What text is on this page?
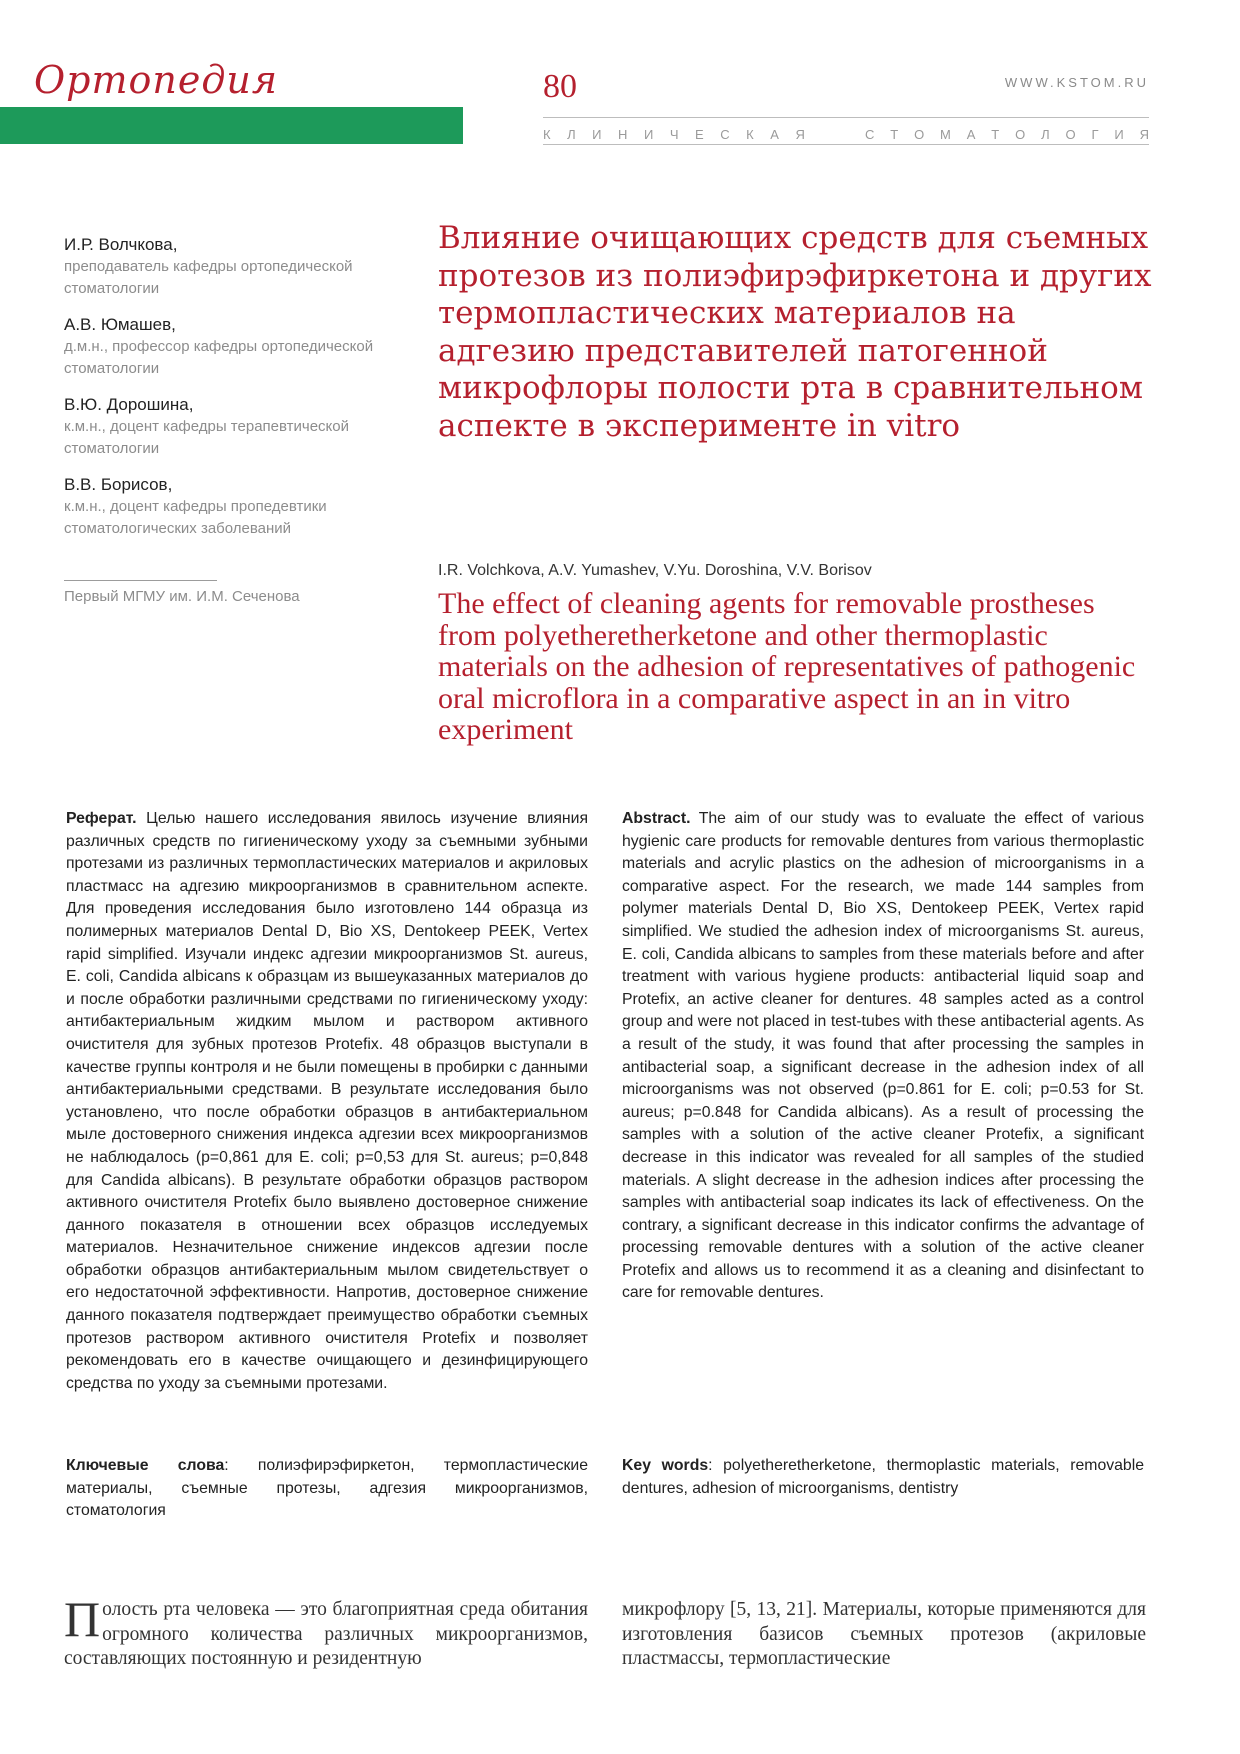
Ортопедия	80	WWW.KSTOM.RU
К Л И Н И Ч Е С К А Я	С Т О М А Т О Л О Г И Я
И.Р. Волчкова,
преподаватель кафедры ортопедической стоматологии
А.В. Юмашев,
д.м.н., профессор кафедры ортопедической стоматологии
В.Ю. Дорошина,
к.м.н., доцент кафедры терапевтической стоматологии
В.В. Борисов,
к.м.н., доцент кафедры пропедевтики стоматологических заболеваний
Первый МГМУ им. И.М. Сеченова
Влияние очищающих средств для съемных протезов из полиэфирэфиркетона и других термопластических материалов на адгезию представителей патогенной микрофлоры полости рта в сравнительном аспекте в эксперименте in vitro
I.R. Volchkova, A.V. Yumashev, V.Yu. Doroshina, V.V. Borisov
The effect of cleaning agents for removable prostheses from polyetheretherketone and other thermoplastic materials on the adhesion of representatives of pathogenic oral microflora in a comparative aspect in an in vitro experiment
Реферат. Целью нашего исследования явилось изучение влияния различных средств по гигиеническому уходу за съемными зубными протезами из различных термопластических материалов и акриловых пластмасс на адгезию микроорганизмов в сравнительном аспекте. Для проведения исследования было изготовлено 144 образца из полимерных материалов Dental D, Bio XS, Dentokeep PEEK, Vertex rapid simplified. Изучали индекс адгезии микроорганизмов St. aureus, E. coli, Candida albicans к образцам из вышеуказанных материалов до и после обработки различными средствами по гигиеническому уходу: антибактериальным жидким мылом и раствором активного очистителя для зубных протезов Protefix. 48 образцов выступали в качестве группы контроля и не были помещены в пробирки с данными антибактериальными средствами. В результате исследования было установлено, что после обработки образцов в антибактериальном мыле достоверного снижения индекса адгезии всех микроорганизмов не наблюдалось (p=0,861 для E. coli; p=0,53 для St. aureus; p=0,848 для Candida albicans). В результате обработки образцов раствором активного очистителя Protefix было выявлено достоверное снижение данного показателя в отношении всех образцов исследуемых материалов. Незначительное снижение индексов адгезии после обработки образцов антибактериальным мылом свидетельствует о его недостаточной эффективности. Напротив, достоверное снижение данного показателя подтверждает преимущество обработки съемных протезов раствором активного очистителя Protefix и позволяет рекомендовать его в качестве очищающего и дезинфицирующего средства по уходу за съемными протезами.
Abstract. The aim of our study was to evaluate the effect of various hygienic care products for removable dentures from various thermoplastic materials and acrylic plastics on the adhesion of microorganisms in a comparative aspect. For the research, we made 144 samples from polymer materials Dental D, Bio XS, Dentokeep PEEK, Vertex rapid simplified. We studied the adhesion index of microorganisms St. aureus, E. coli, Candida albicans to samples from these materials before and after treatment with various hygiene products: antibacterial liquid soap and Protefix, an active cleaner for dentures. 48 samples acted as a control group and were not placed in test-tubes with these antibacterial agents. As a result of the study, it was found that after processing the samples in antibacterial soap, a significant decrease in the adhesion index of all microorganisms was not observed (p=0.861 for E. coli; p=0.53 for St. aureus; p=0.848 for Candida albicans). As a result of processing the samples with a solution of the active cleaner Protefix, a significant decrease in this indicator was revealed for all samples of the studied materials. A slight decrease in the adhesion indices after processing the samples with antibacterial soap indicates its lack of effectiveness. On the contrary, a significant decrease in this indicator confirms the advantage of processing removable dentures with a solution of the active cleaner Protefix and allows us to recommend it as a cleaning and disinfectant to care for removable dentures.
Ключевые слова: полиэфирэфиркетон, термопластические материалы, съемные протезы, адгезия микроорганизмов, стоматология
Key words: polyetheretherketone, thermoplastic materials, removable dentures, adhesion of microorganisms, dentistry
Полость рта человека — это благоприятная среда обитания огромного количества различных микроорганизмов, составляющих постоянную и резидентную
микрофлору [5, 13, 21]. Материалы, которые применяются для изготовления базисов съемных протезов (акриловые пластмассы, термопластические
